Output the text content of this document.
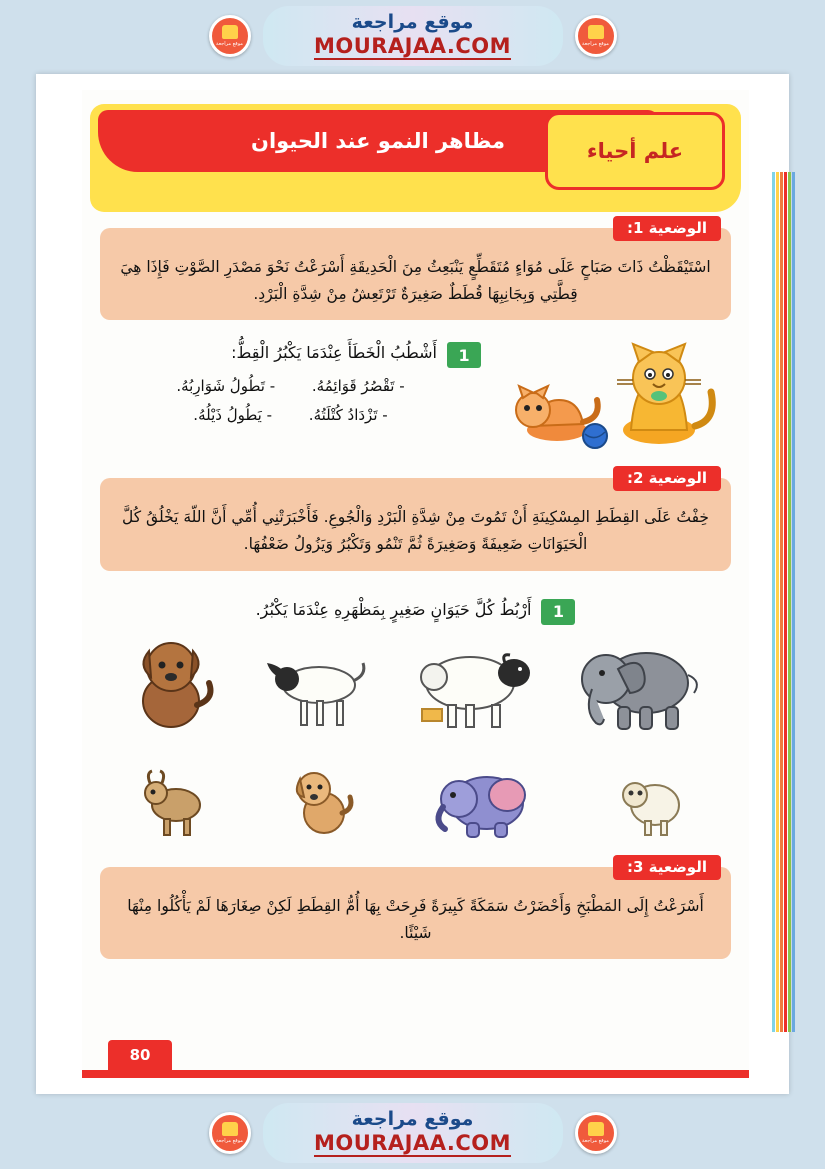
موقع مراجعة
موقع مراجعة
MOURAJAA.COM
موقع مراجعة
مظاهر النمو عند الحيوان	علم أحياء
الوضعية 1:
اسْتَيْقَظْتُ ذَاتَ صَبَاحٍ عَلَى مُوَاءٍ مُتَقَطِّعٍ يَنْبَعِثُ مِنَ الْحَدِيقَةِ أَسْرَعْتُ نَحْوَ مَصْدَرِ الصَّوْتِ فَإِذَا هِيَ قِطَّتِي وَبِجَانِبِهَا قُطَطٌ صَغِيرَةٌ تَرْتَعِشُ مِنْ شِدَّةِ الْبَرْدِ.
1
أَشْطُبُ الْخَطَأَ عِنْدَمَا يَكْبُرُ الْقِطُّ:
- تَقْصُرُ قَوَائِمُهُ. - تَطُولُ شَوَارِبُهُ.
- تَزْدَادُ كُتْلَتُهُ. - يَطُولُ ذَيْلُهُ.
الوضعية 2:
خِفْتُ عَلَى القِطَطِ المِسْكِينَةِ أَنْ تَمُوتَ مِنْ شِدَّةِ الْبَرْدِ وَالْجُوعِ. فَأَخْبَرَتْنِي أُمِّي أَنَّ اللّهَ يَخْلُقُ كُلَّ الْحَيَوَانَاتِ ضَعِيفَةً وَصَغِيرَةً ثُمَّ تَنْمُو وَتَكْبُرُ وَيَزُولُ ضَعْفُهَا.
1
أَرْبُطُ كُلَّ حَيَوَانٍ صَغِيرٍ بِمَظْهَرِهِ عِنْدَمَا يَكْبُرُ.
الوضعية 3:
أَسْرَعْتُ إِلَى المَطْبَخِ وَأَحْضَرْتُ سَمَكَةً كَبِيرَةً فَرِحَتْ بِهَا أُمُّ القِطَطِ لَكِنْ صِغَارَهَا لَمْ يَأْكُلُوا مِنْهَا شَيْئًا.
80
موقع مراجعة
موقع مراجعة
MOURAJAA.COM
موقع مراجعة
